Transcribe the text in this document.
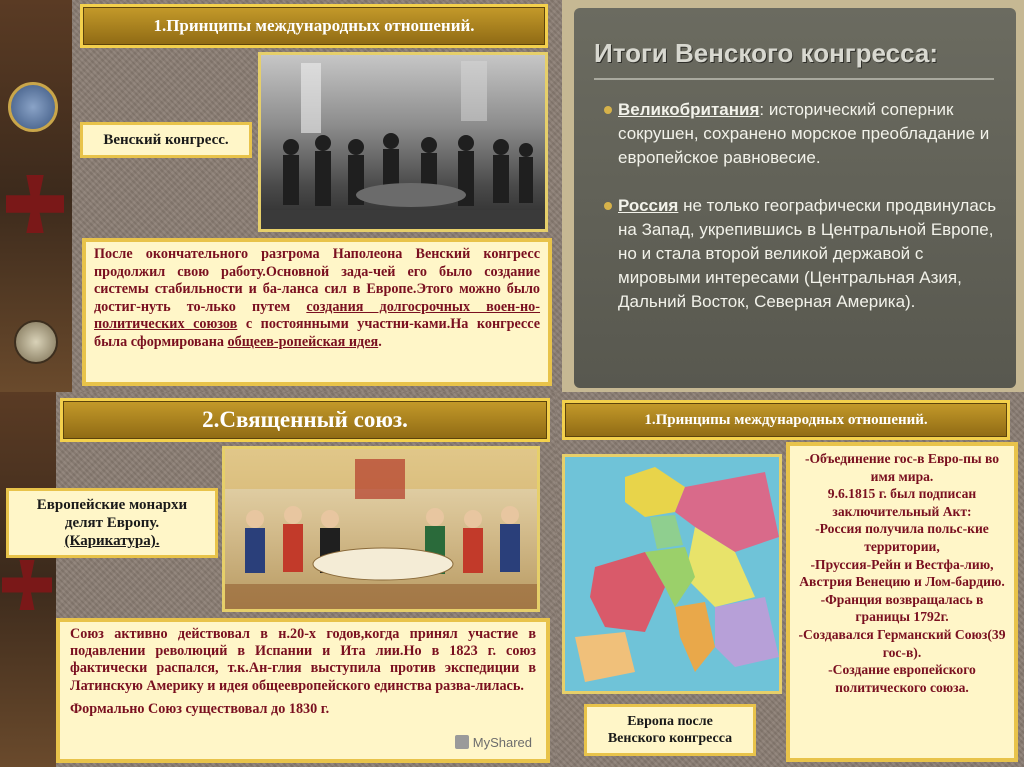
1.Принципы международных отношений.
Венский конгресс.

После окончательного разгрома Наполеона Венский конгресс продолжил свою работу.Основной зада-чей его было создание системы стабильности и ба-ланса сил в Европе.Этого можно было достиг-нуть то-лько путем создания долгосрочных воен-но-политических союзов с постоянными участни-ками.На конгрессе была сформирована общеев-ропейская идея.

Итоги Венского конгресса:
Великобритания: исторический соперник сокрушен, сохранено морское преобладание и европейское равновесие.
Россия не только географически продвинулась на Запад, укрепившись в Центральной Европе, но и стала второй великой державой с мировыми интересами (Центральная Азия, Дальний Восток, Северная Америка).
2.Священный союз.
Европейские монархи
делят Европу.
(Карикатура).

Союз активно действовал в н.20-х годов,когда принял участие в подавлении революций в Испании и Ита лии.Но в 1823 г. союз фактически распался, т.к.Ан-глия выступила против экспедиции в Латинскую Америку и идея общеевропейского единства разва-лилась.

Формально Союз существовал до 1830 г.

MyShared
1.Принципы международных отношений.
Европа после
Венского конгресса
-Объединение гос-в Евро-пы во имя мира.
9.6.1815 г. был подписан заключительный Акт:
-Россия получила польс-кие территории,
-Пруссия-Рейн и Вестфа-лию,
Австрия Венецию и Лом-бардию.
-Франция возвращалась в границы 1792г.
-Создавался Германский Союз(39 гос-в).
-Создание европейского политического союза.
